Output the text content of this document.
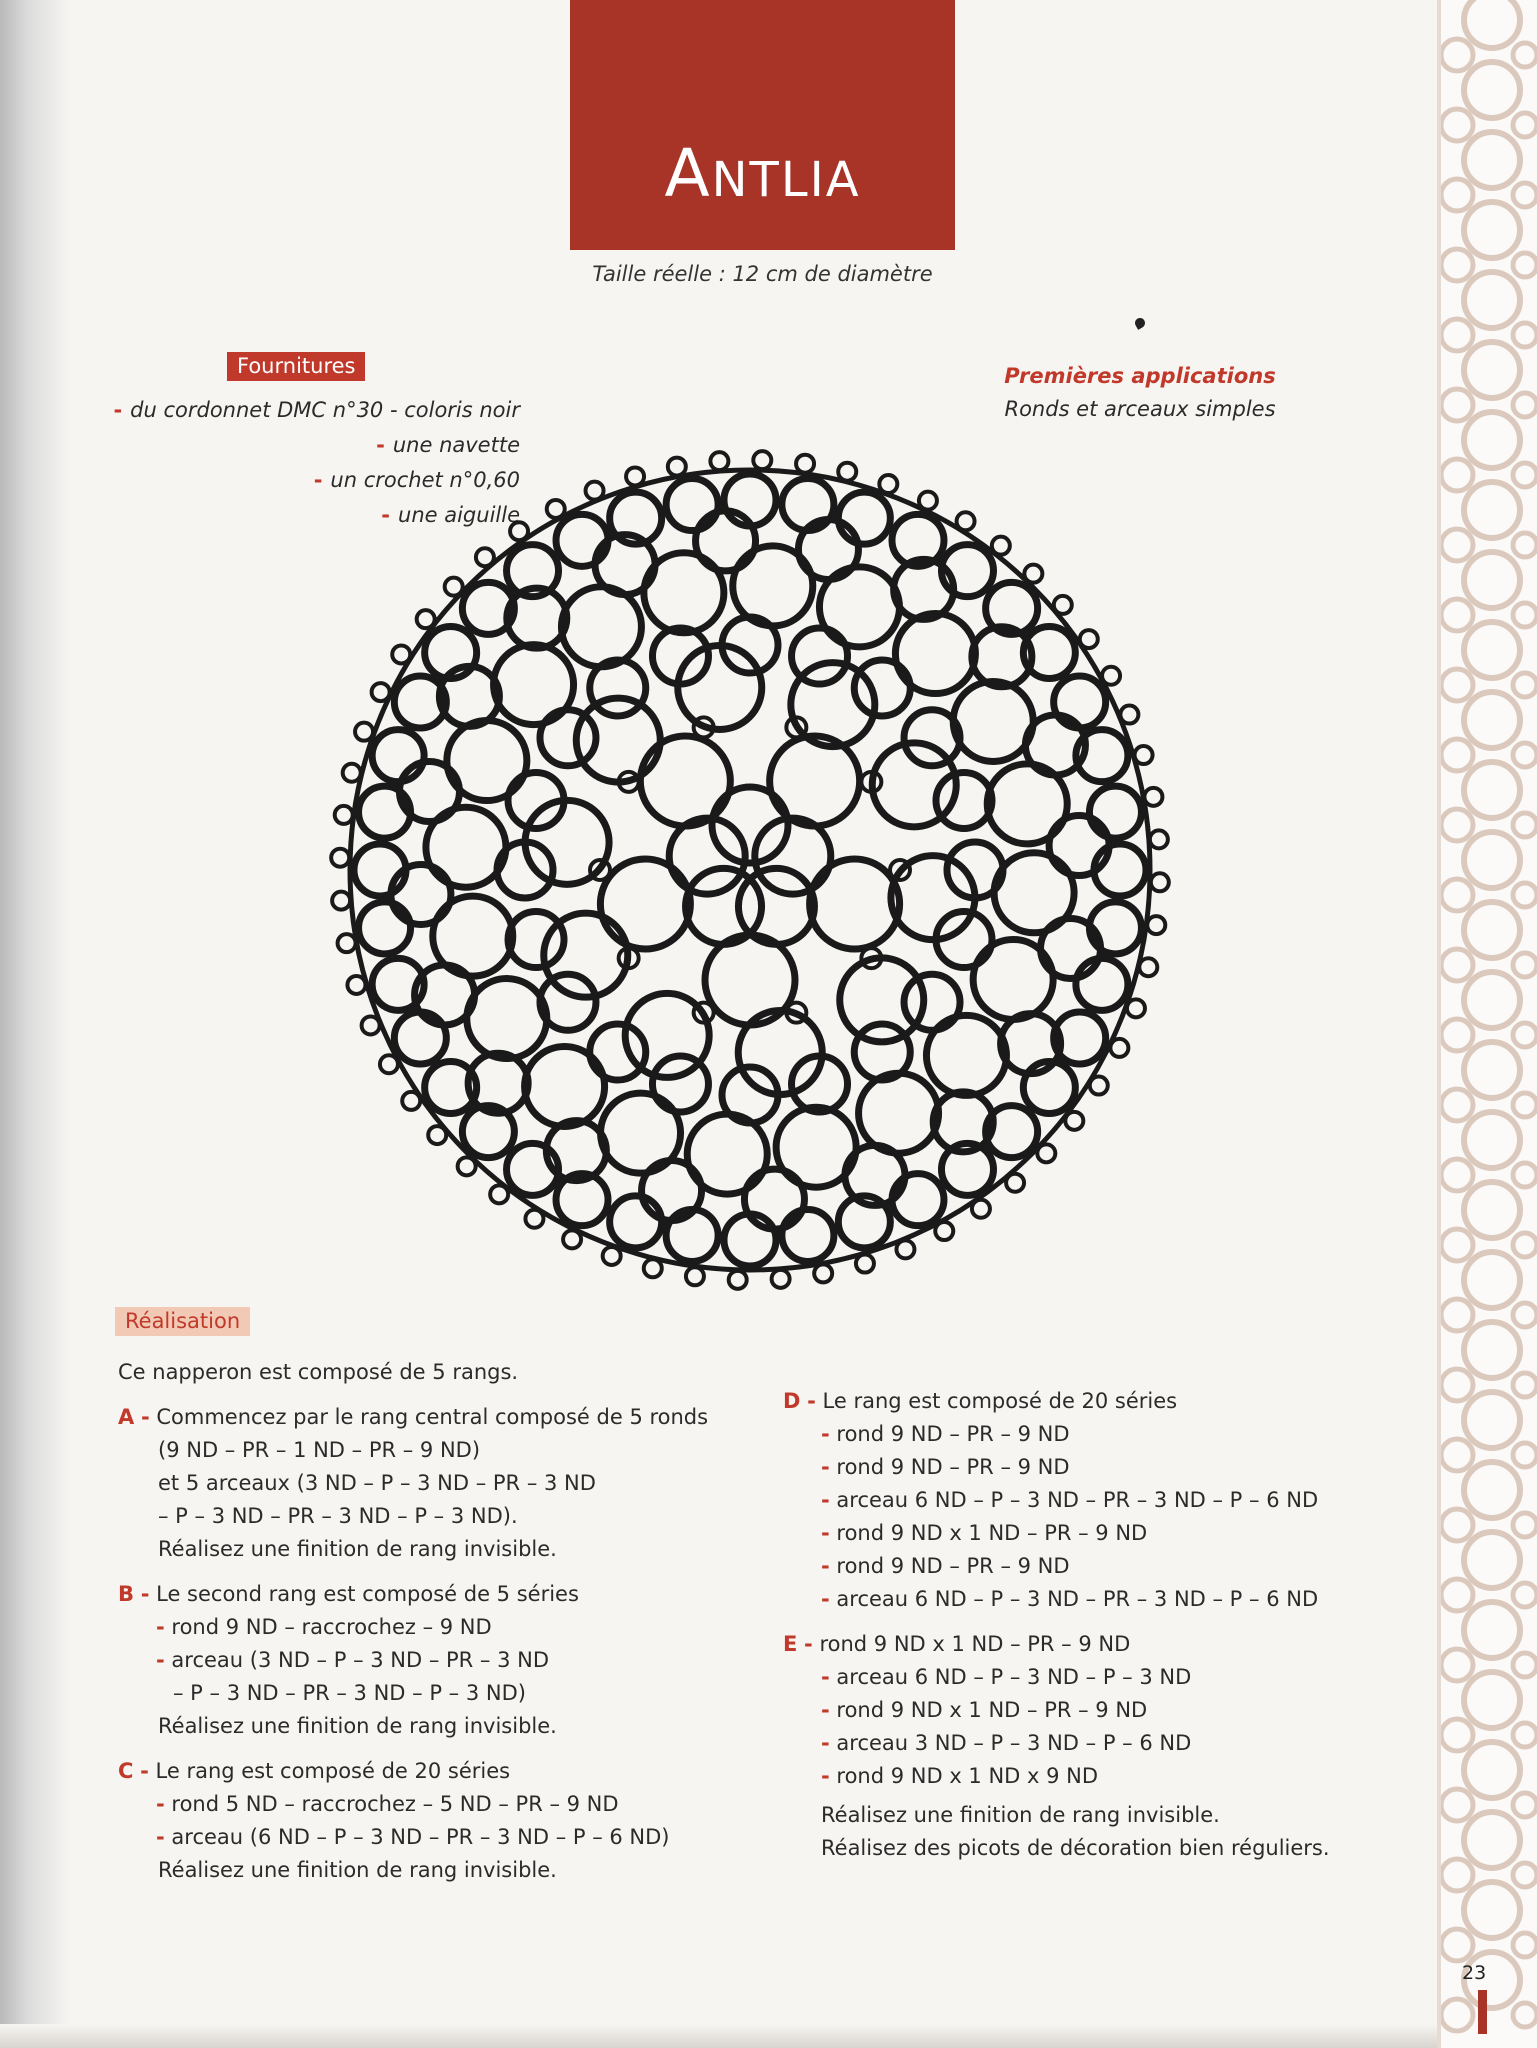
ANTLIA
Taille réelle : 12 cm de diamètre
Fournitures
- du cordonnet DMC n°30 - coloris noir
- une navette
- un crochet n°0,60
- une aiguille
Premières applications
Ronds et arceaux simples
Réalisation

Ce napperon est composé de 5 rangs.

A - Commencez par le rang central composé de 5 ronds

(9 ND – PR – 1 ND – PR – 9 ND)

et 5 arceaux (3 ND – P – 3 ND – PR – 3 ND

– P – 3 ND – PR – 3 ND – P – 3 ND).

Réalisez une finition de rang invisible.

B - Le second rang est composé de 5 séries

- rond 9 ND – raccrochez – 9 ND

- arceau (3 ND – P – 3 ND – PR – 3 ND

– P – 3 ND – PR – 3 ND – P – 3 ND)

Réalisez une finition de rang invisible.

C - Le rang est composé de 20 séries

- rond 5 ND – raccrochez – 5 ND – PR – 9 ND

- arceau (6 ND – P – 3 ND – PR – 3 ND – P – 6 ND)

Réalisez une finition de rang invisible.

D - Le rang est composé de 20 séries

- rond 9 ND – PR – 9 ND

- rond 9 ND – PR – 9 ND

- arceau 6 ND – P – 3 ND – PR – 3 ND – P – 6 ND

- rond 9 ND x 1 ND – PR – 9 ND

- rond 9 ND – PR – 9 ND

- arceau 6 ND – P – 3 ND – PR – 3 ND – P – 6 ND

E - rond 9 ND x 1 ND – PR – 9 ND

- arceau 6 ND – P – 3 ND – P – 3 ND

- rond 9 ND x 1 ND – PR – 9 ND

- arceau 3 ND – P – 3 ND – P – 6 ND

- rond 9 ND x 1 ND x 9 ND

Réalisez une finition de rang invisible.

Réalisez des picots de décoration bien réguliers.

23
